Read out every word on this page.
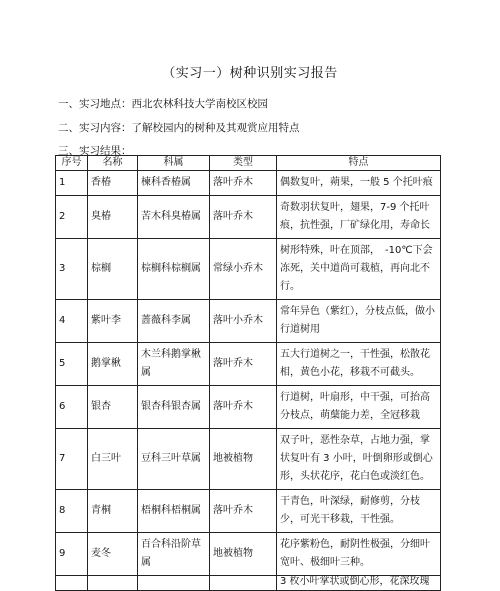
（实习一）树种识别实习报告
一、实习地点：西北农林科技大学南校区校园
二、实习内容：了解校园内的树种及其观赏应用特点
三、实习结果：
序号	名称	科属	类型	特点
1	香椿	楝科香椿属	落叶乔木	偶数复叶，蒴果，一般 5 个托叶痕
2	臭椿	苦木科臭椿属	落叶乔木	奇数羽状复叶，翅果，7-9 个托叶痕，抗性强，厂矿绿化用，寿命长
3	棕榈	棕榈科棕榈属	常绿小乔木	树形特殊，叶在顶部，　-10℃下会冻死，关中道尚可栽植，再向北不行。
4	紫叶李	蔷薇科李属	落叶小乔木	常年异色（紫红），分枝点低，做小行道树用
5	鹅掌楸	木兰科鹅掌楸属	落叶乔木	五大行道树之一，干性强，松散花相，黄色小花，移栽不可截头。
6	银杏	银杏科银杏属	落叶乔木	行道树，叶扇形，中干强，可抬高分枝点，萌蘖能力差，全冠移栽
7	白三叶	豆科三叶草属	地被植物	双子叶，恶性杂草，占地力强，掌状复叶有 3 小叶，叶倒卵形或倒心形，头状花序，花白色或淡红色。
8	青桐	梧桐科梧桐属	落叶乔木	干青色，叶深绿，耐修剪，分枝少，可光干移栽，干性强。
9	麦冬	百合科沿阶草属	地被植物	花序紫粉色，耐阴性极强，分细叶宽叶、极细叶三种。
				3 枚小叶掌状或倒心形，花深玫瑰
